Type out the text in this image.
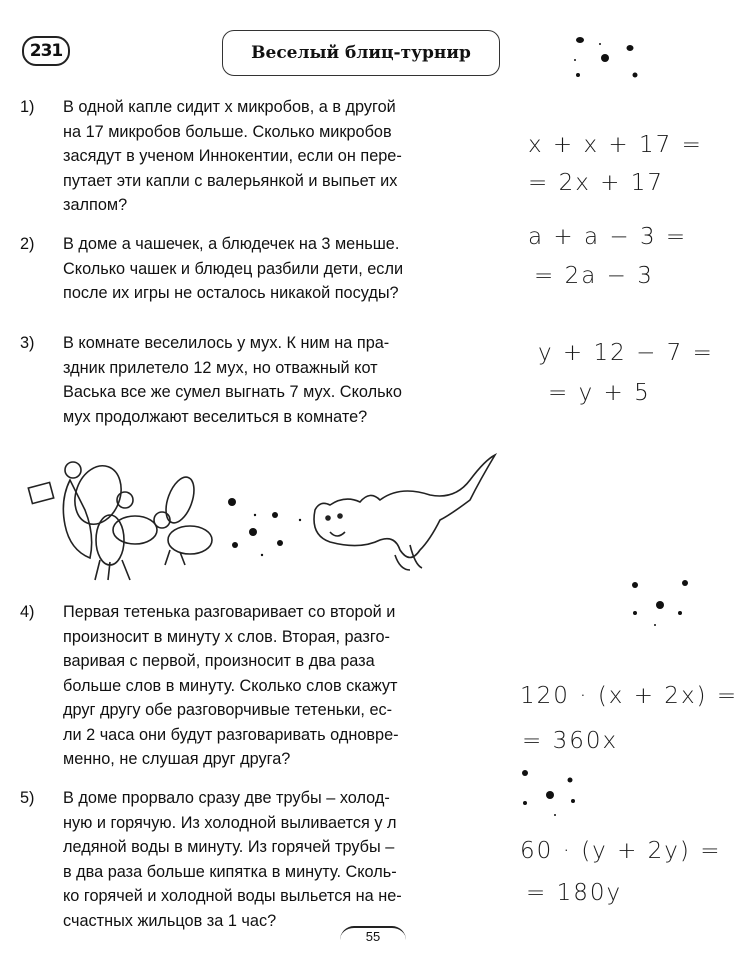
231	Веселый блиц-турнир
1) В одной капле сидит x микробов, а в другой
на 17 микробов больше. Сколько микробов
засядут в ученом Иннокентии, если он пере-
путает эти капли с валерьянкой и выпьет их
залпом?
2) В доме a чашечек, а блюдечек на 3 меньше.
Сколько чашек и блюдец разбили дети, если
после их игры не осталось никакой посуды?
3) В комнате веселилось y мух. К ним на пра-
здник прилетело 12 мух, но отважный кот
Васька все же сумел выгнать 7 мух. Сколько
мух продолжают веселиться в комнате?
4) Первая тетенька разговаривает со второй и
произносит в минуту x слов. Вторая, разго-
варивая с первой, произносит в два раза
больше слов в минуту. Сколько слов скажут
друг другу обе разговорчивые тетеньки, ес-
ли 2 часа они будут разговаривать одновре-
менно, не слушая друг друга?
5) В доме прорвало сразу две трубы – холод-
ную и горячую. Из холодной выливается y л
ледяной воды в минуту. Из горячей трубы –
в два раза больше кипятка в минуту. Сколь-
ко горячей и холодной воды выльется на не-
счастных жильцов за 1 час?
x + x + 17 =
= 2x + 17
a + a − 3 =
= 2a − 3
y + 12 − 7 =
= y + 5
120 · (x + 2x) =
= 360x
60 · (y + 2y) =
= 180y
55
